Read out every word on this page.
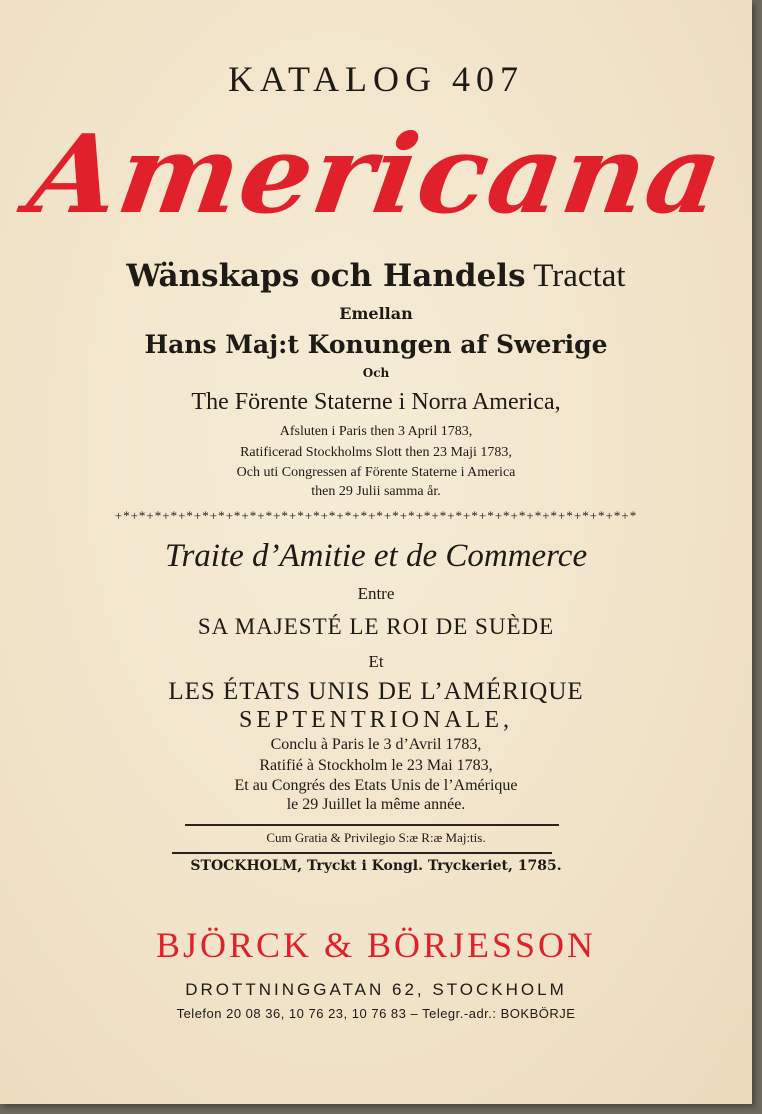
KATALOG 407
Americana
Wänskaps och Handels Tractat
Emellan
Hans Maj:t Konungen af Swerige
Och
The Förente Staterne i Norra America,
Afsluten i Paris then 3 April 1783,
Ratificerad Stockholms Slott then 23 Maji 1783,
Och uti Congressen af Förente Staterne i America
then 29 Julii samma år.
+*+*+*+*+*+*+*+*+*+*+*+*+*+*+*+*+*+*+*+*+*+*+*+*+*+*+*+*+*+*+*+*+*
Traite d’Amitie et de Commerce
Entre
SA MAJESTÉ LE ROI DE SUÈDE
Et
LES ÉTATS UNIS DE L’AMÉRIQUE
SEPTENTRIONALE,
Conclu à Paris le 3 d’Avril 1783,
Ratifié à Stockholm le 23 Mai 1783,
Et au Congrés des Etats Unis de l’Amérique
le 29 Juillet la même année.
Cum Gratia & Privilegio S:æ R:æ Maj:tis.
STOCKHOLM, Tryckt i Kongl. Tryckeriet, 1785.
BJÖRCK & BÖRJESSON
DROTTNINGGATAN 62, STOCKHOLM
Telefon 20 08 36, 10 76 23, 10 76 83 – Telegr.-adr.: BOKBÖRJE
